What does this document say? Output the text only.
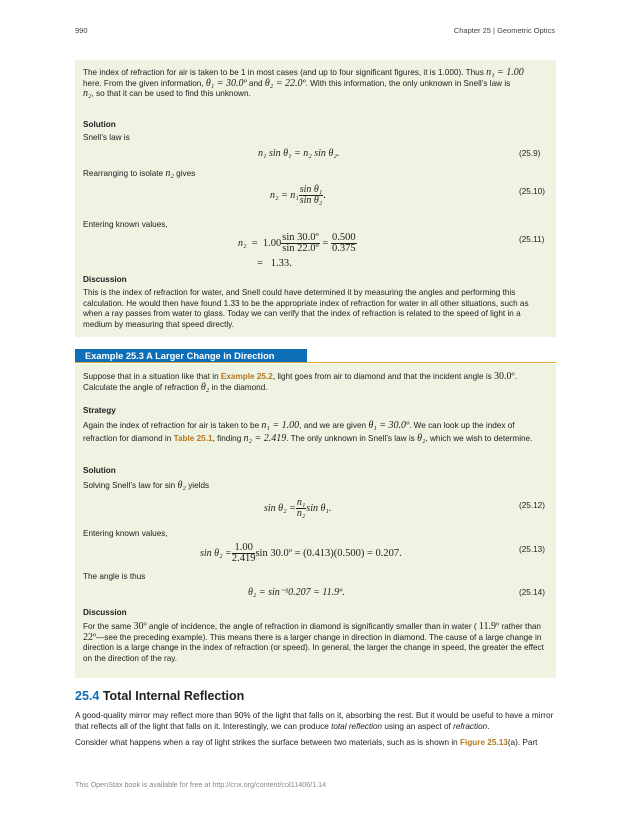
990	Chapter 25 | Geometric Optics
The index of refraction for air is taken to be 1 in most cases (and up to four significant figures, it is 1.000). Thus n₁ = 1.00
here. From the given information, θ₁ = 30.0º and θ₂ = 22.0º. With this information, the only unknown in Snell’s law is
n₂, so that it can be used to find this unknown.
Solution
Snell’s law is
n₁ sin θ₁ = n₂ sin θ₂.	(25.9)
Rearranging to isolate n₂ gives
$n_2 = n_1 \frac{\text{sin θ₁}}{\text{sin θ₂}}$ .	(25.10)
Entering known values,
$n_2 = 1.00 \frac{\text{sin 30.0º}}{\text{sin 22.0º}} = \frac{0.500}{0.375}$
= 1.33.
(25.11)
Discussion
This is the index of refraction for water, and Snell could have determined it by measuring the angles and performing this calculation. He would then have found 1.33 to be the appropriate index of refraction for water in all other situations, such as when a ray passes from water to glass. Today we can verify that the index of refraction is related to the speed of light in a medium by measuring that speed directly.
Example 25.3 A Larger Change in Direction
Suppose that in a situation like that in Example 25.2, light goes from air to diamond and that the incident angle is 30.0º. Calculate the angle of refraction θ₂ in the diamond.
Strategy
Again the index of refraction for air is taken to be n₁ = 1.00, and we are given θ₁ = 30.0º. We can look up the index of refraction for diamond in Table 25.1, finding n₂ = 2.419. The only unknown in Snell’s law is θ₂, which we wish to determine.
Solution
Solving Snell’s law for sin θ₂ yields
$\sin \theta_2 = \frac{\text{n₁}}{\text{n₂}}$ sin θ₁.	(25.12)
Entering known values,
$\sin \theta_2 = \frac{1.00}{2.419}$ sin 30.0º = (0.413)(0.500) = 0.207.	(25.13)
The angle is thus
θ₂ = sin⁻¹0.207 = 11.9º.	(25.14)
Discussion
For the same 30º angle of incidence, the angle of refraction in diamond is significantly smaller than in water ( 11.9º rather than 22º—see the preceding example). This means there is a larger change in direction in diamond. The cause of a large change in direction is a large change in the index of refraction (or speed). In general, the larger the change in speed, the greater the effect on the direction of the ray.
25.4 Total Internal Reflection
A good-quality mirror may reflect more than 90% of the light that falls on it, absorbing the rest. But it would be useful to have a mirror that reflects all of the light that falls on it. Interestingly, we can produce total reflection using an aspect of refraction.
Consider what happens when a ray of light strikes the surface between two materials, such as is shown in Figure 25.13(a). Part
This OpenStax book is available for free at http://cnx.org/content/col11406/1.14
